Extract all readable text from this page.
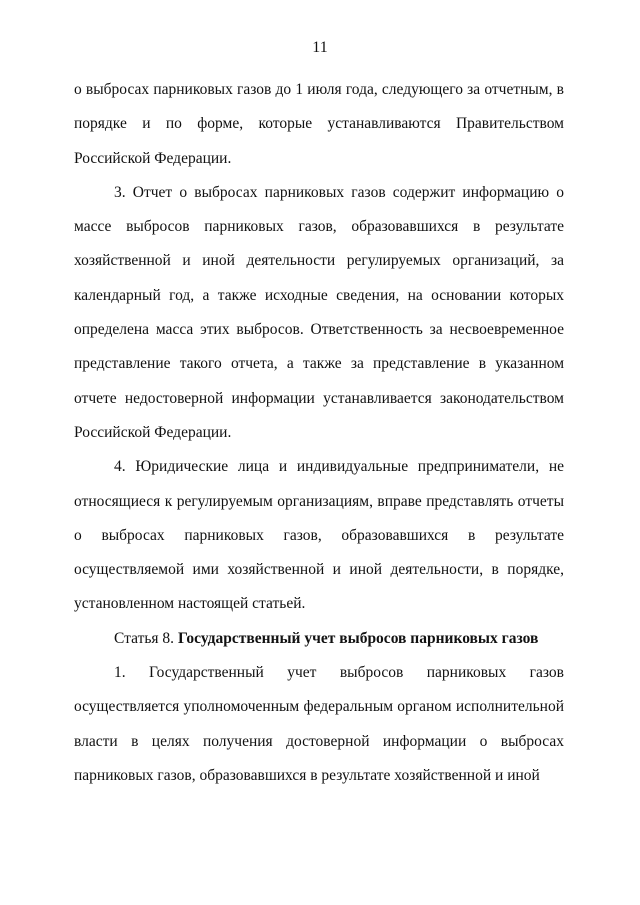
11

о выбросах парниковых газов до 1 июля года, следующего за отчетным, в порядке и по форме, которые устанавливаются Правительством Российской Федерации.

3. Отчет о выбросах парниковых газов содержит информацию о массе выбросов парниковых газов, образовавшихся в результате хозяйственной и иной деятельности регулируемых организаций, за календарный год, а также исходные сведения, на основании которых определена масса этих выбросов. Ответственность за несвоевременное представление такого отчета, а также за представление в указанном отчете недостоверной информации устанавливается законодательством Российской Федерации.

4. Юридические лица и индивидуальные предприниматели, не относящиеся к регулируемым организациям, вправе представлять отчеты о выбросах парниковых газов, образовавшихся в результате осуществляемой ими хозяйственной и иной деятельности, в порядке, установленном настоящей статьей.

Статья 8. Государственный учет выбросов парниковых газов

1. Государственный учет выбросов парниковых газов осуществляется уполномоченным федеральным органом исполнительной власти в целях получения достоверной информации о выбросах парниковых газов, образовавшихся в результате хозяйственной и иной
